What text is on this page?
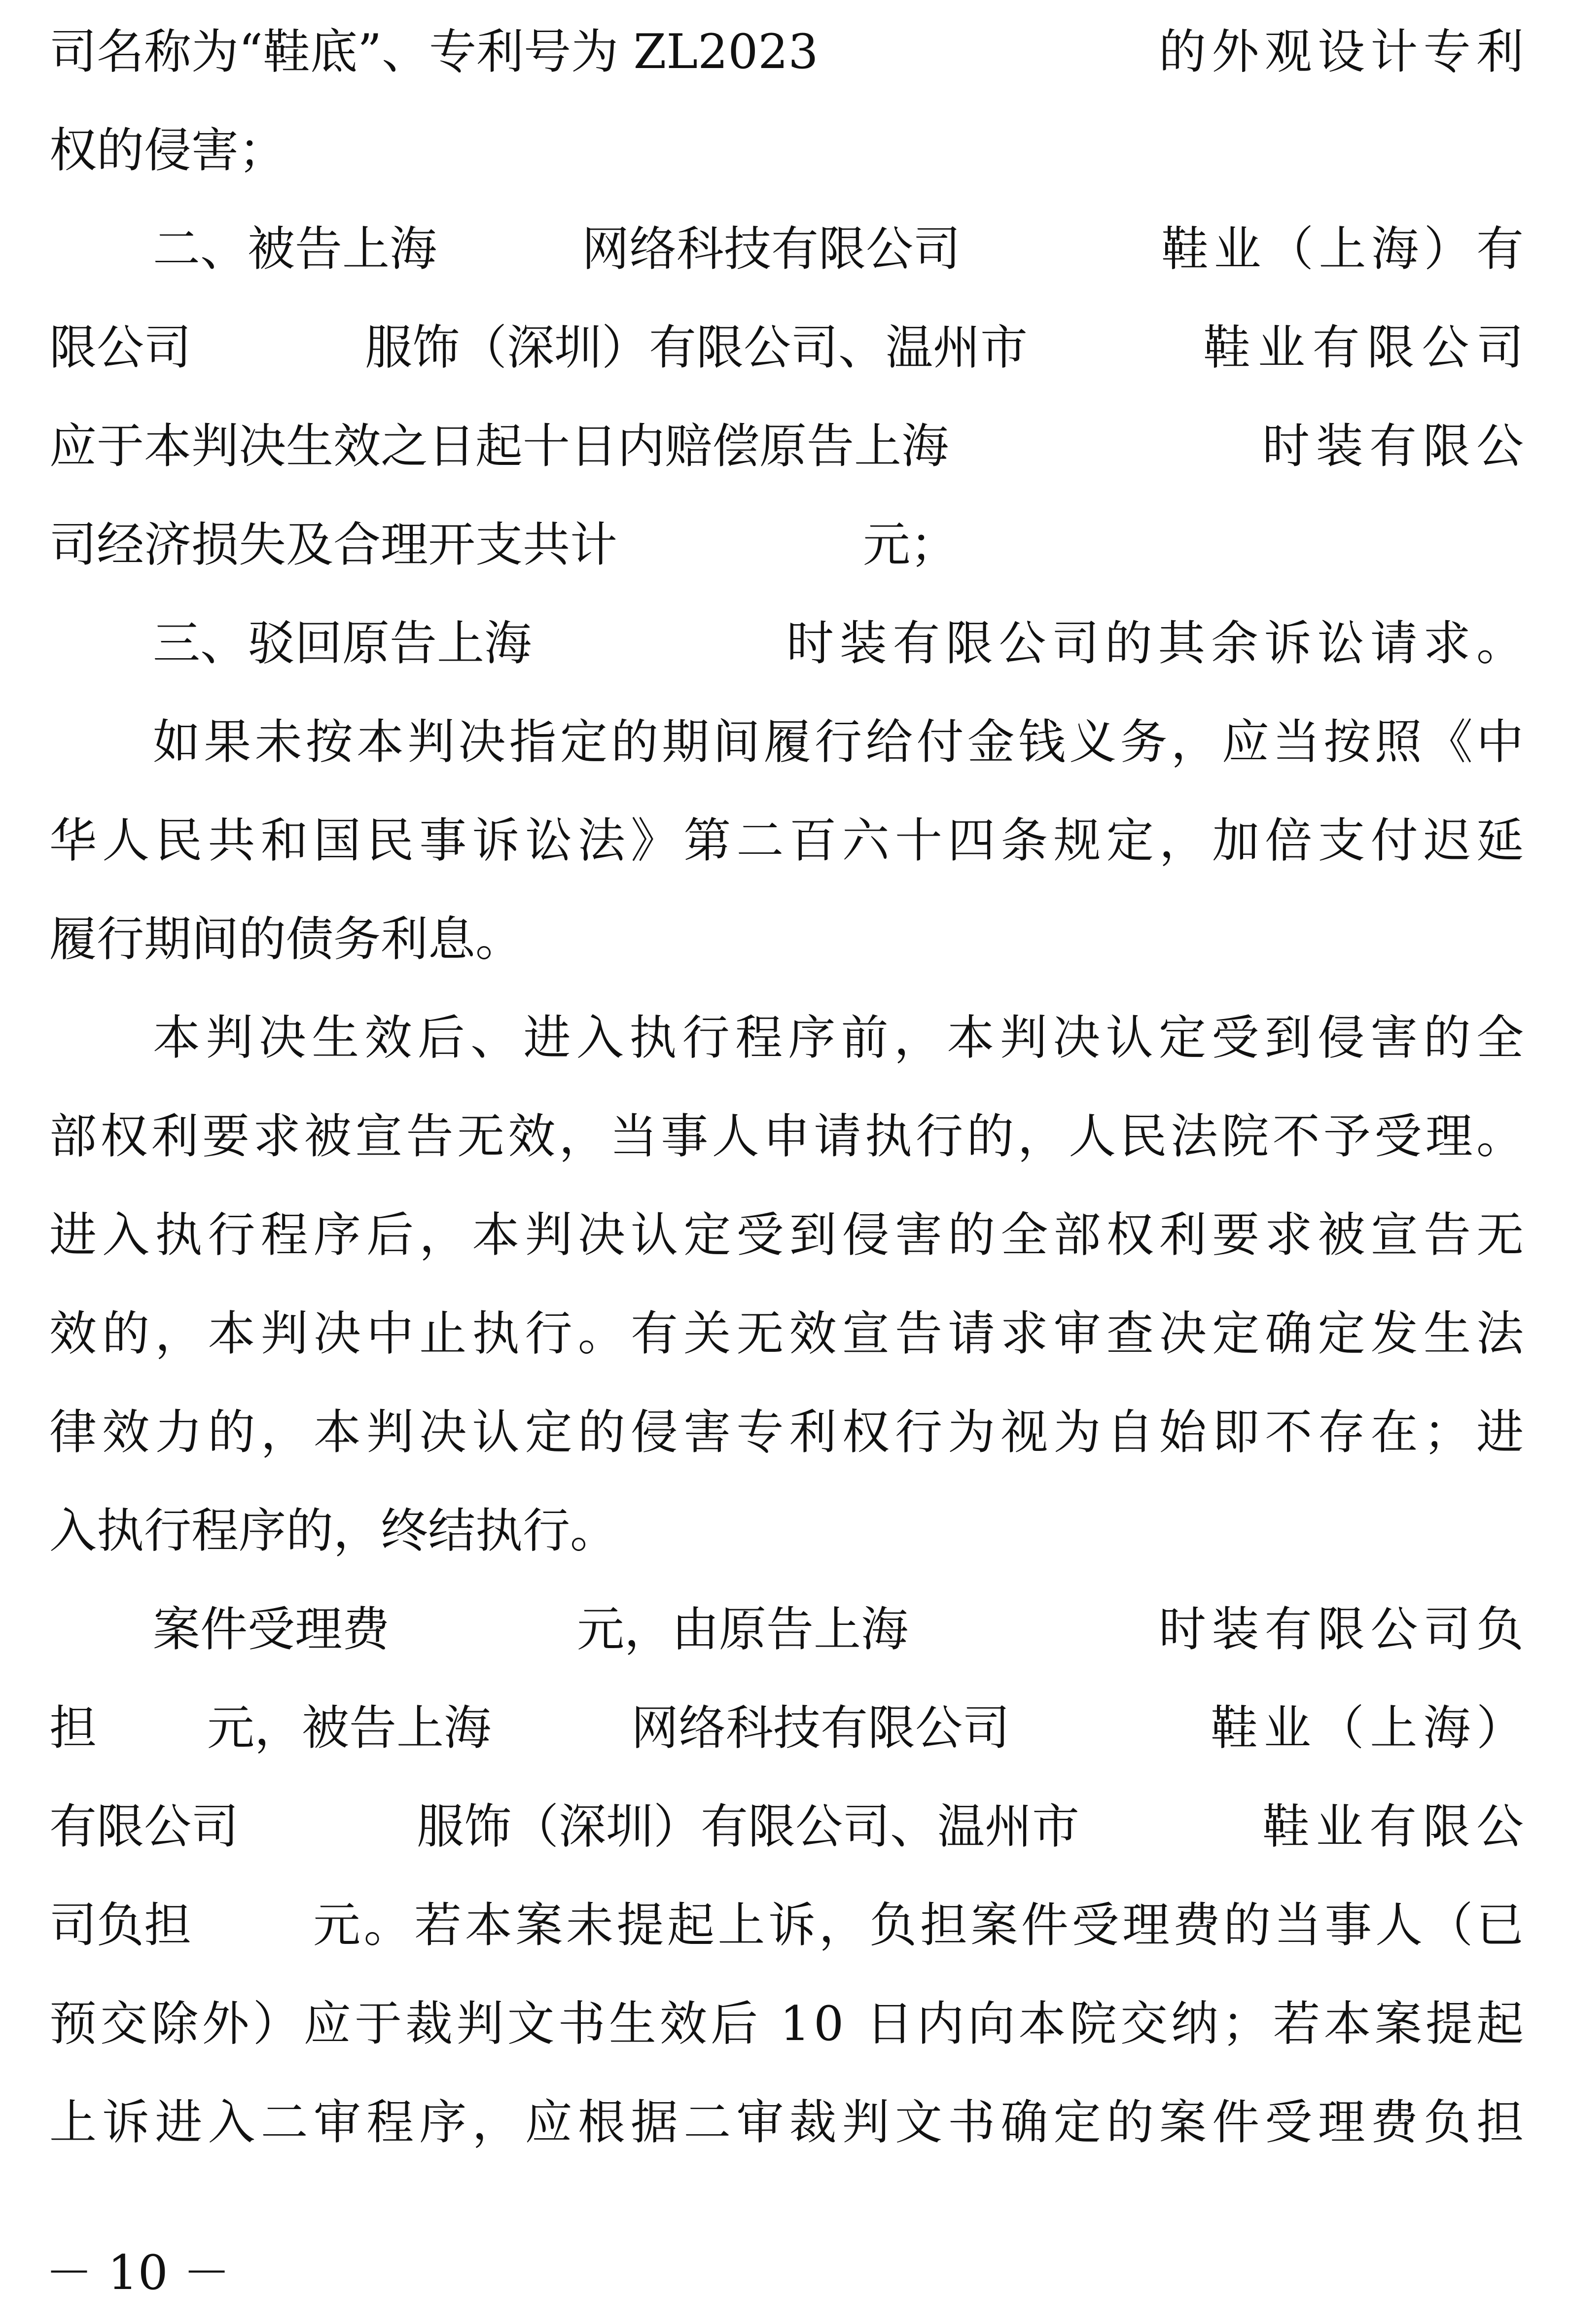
司名称为“鞋底”、专利号为 ZL2023	的外观设计专利
权的侵害；
二、被告上海	网络科技有限公司	鞋业（上海）有
限公司	服饰（深圳）有限公司、温州市	鞋业有限公司
应于本判决生效之日起十日内赔偿原告上海	时装有限公
司经济损失及合理开支共计	元；
三、驳回原告上海	时装有限公司的其余诉讼请求。
如果未按本判决指定的期间履行给付金钱义务，应当按照《中
华人民共和国民事诉讼法》第二百六十四条规定，加倍支付迟延
履行期间的债务利息。
本判决生效后、进入执行程序前，本判决认定受到侵害的全
部权利要求被宣告无效，当事人申请执行的，人民法院不予受理。
进入执行程序后，本判决认定受到侵害的全部权利要求被宣告无
效的，本判决中止执行。有关无效宣告请求审查决定确定发生法
律效力的，本判决认定的侵害专利权行为视为自始即不存在；进
入执行程序的，终结执行。
案件受理费	元，由原告上海	时装有限公司负
担 元，被告上海	网络科技有限公司	鞋业（上海）
有限公司	服饰（深圳）有限公司、温州市	鞋业有限公
司负担	元。若本案未提起上诉，负担案件受理费的当事人（已
预交除外）应于裁判文书生效后 10 日内向本院交纳；若本案提起
上诉进入二审程序，应根据二审裁判文书确定的案件受理费负担
－ 10 －
